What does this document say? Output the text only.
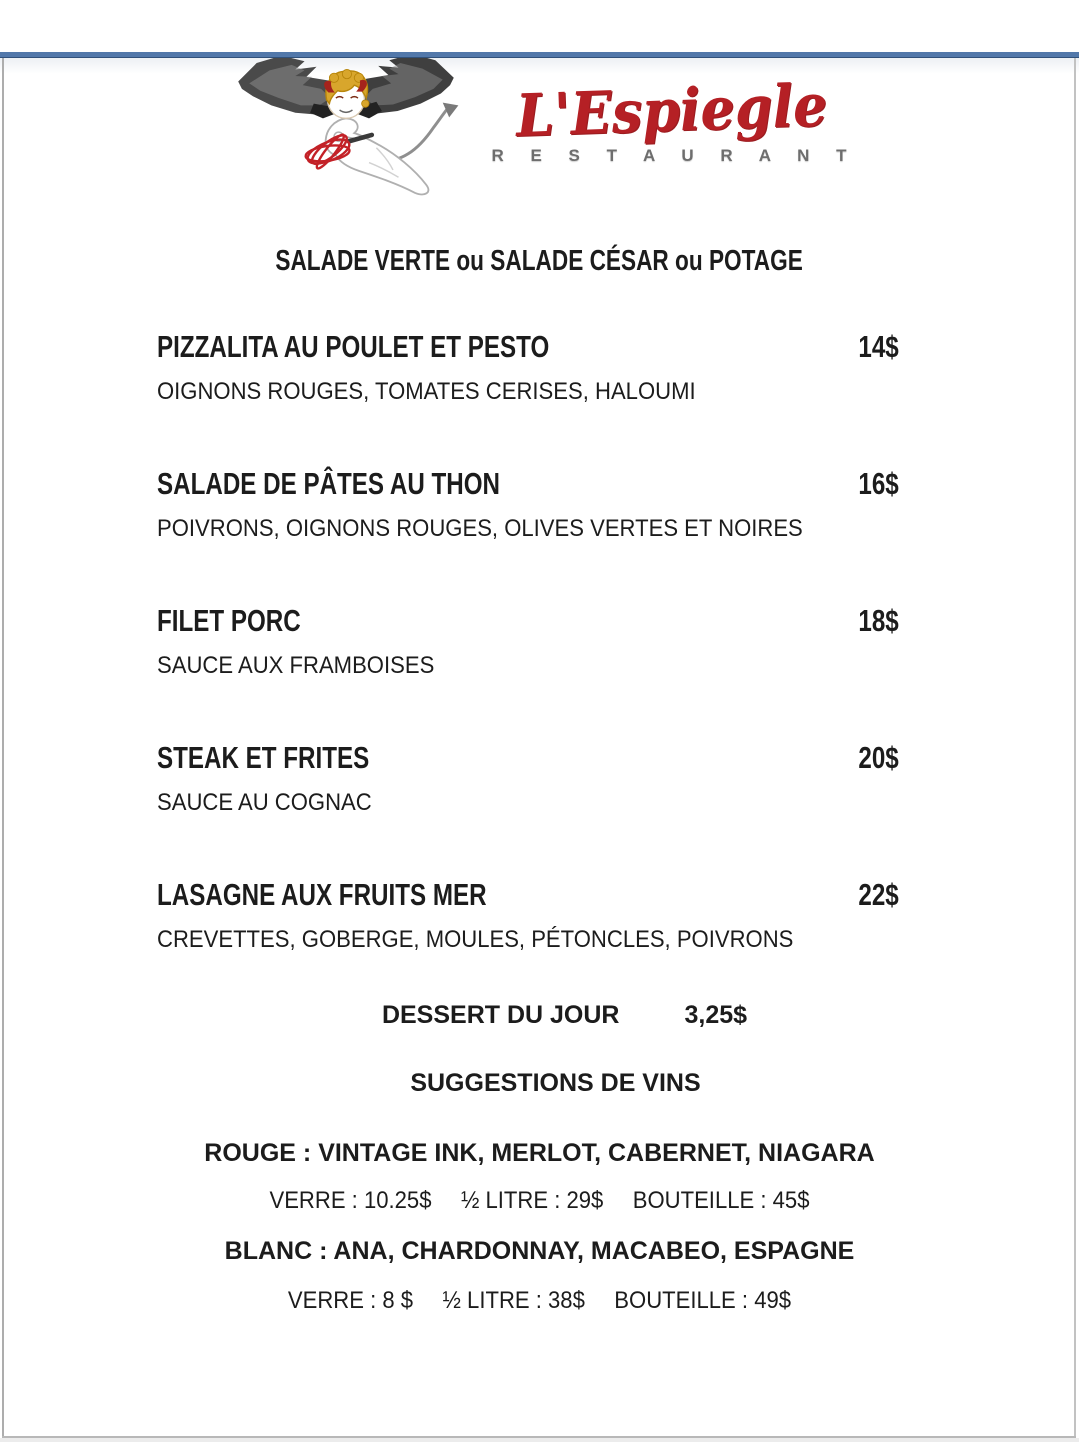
L'Espiegle
R E S T A U R A N T
SALADE VERTE ou SALADE CÉSAR ou POTAGE
PIZZALITA AU POULET ET PESTO	14$
OIGNONS ROUGES, TOMATES CERISES, HALOUMI
SALADE DE PÂTES AU THON	16$
POIVRONS, OIGNONS ROUGES, OLIVES VERTES ET NOIRES
FILET PORC	18$
SAUCE AUX FRAMBOISES
STEAK ET FRITES	20$
SAUCE AU COGNAC
LASAGNE AUX FRUITS MER	22$
CREVETTES, GOBERGE, MOULES, PÉTONCLES, POIVRONS
DESSERT DU JOUR	3,25$
SUGGESTIONS DE VINS
ROUGE : VINTAGE INK, MERLOT, CABERNET, NIAGARA
VERRE : 10.25$ ½ LITRE : 29$ BOUTEILLE : 45$
BLANC : ANA, CHARDONNAY, MACABEO, ESPAGNE
VERRE : 8 $ ½ LITRE : 38$ BOUTEILLE : 49$
